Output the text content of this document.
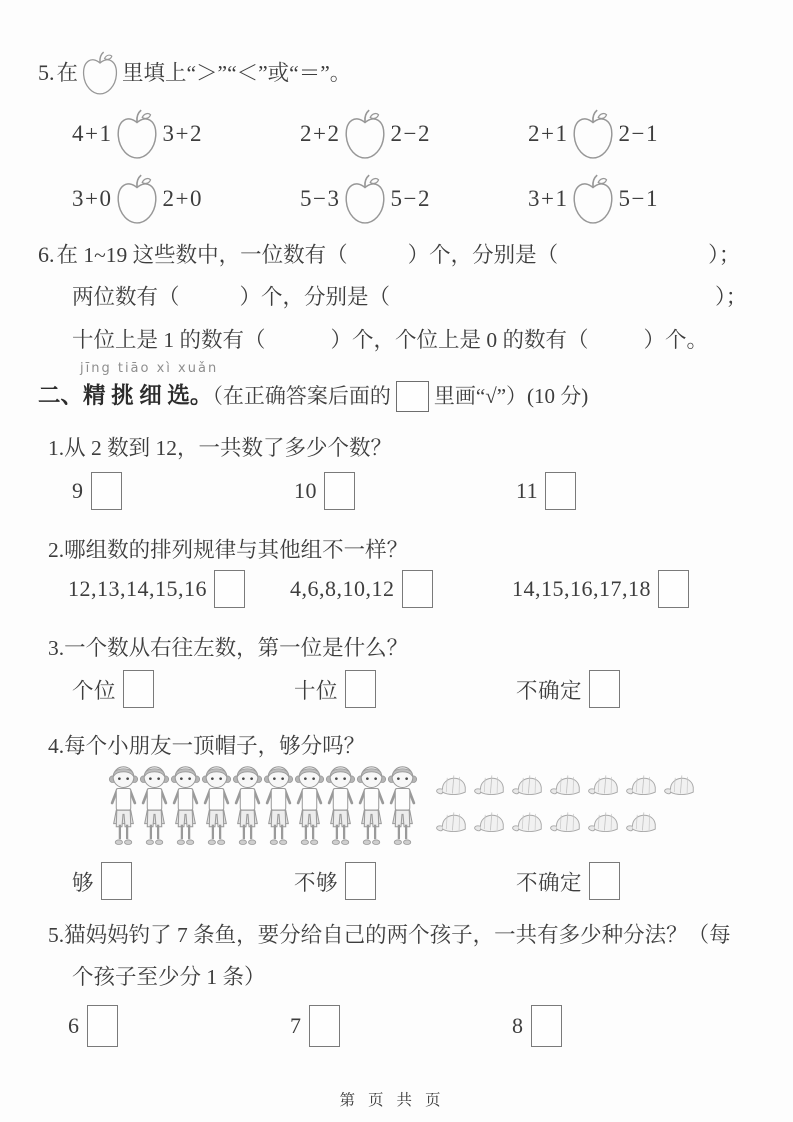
5.在 里填上“＞”“＜”或“＝”。
4+1 3+2	2+2 2−2	2+1 2−1
3+0 2+0	5−3 5−2	3+1 5−1
6.在 1~19 这些数中，一位数有（	）个，分别是（	）；
两位数有（	）个，分别是（	）；
十位上是 1 的数有（	）个，个位上是 0 的数有（	）个。
jīng tiāo xì xuǎn
二、精 挑 细 选。（在正确答案后面的 里画“√”）(10 分)
1.从 2 数到 12，一共数了多少个数？
9	10	11
2.哪组数的排列规律与其他组不一样？
12,13,14,15,16	4,6,8,10,12	14,15,16,17,18
3.一个数从右往左数，第一位是什么？
个位	十位	不确定
4.每个小朋友一顶帽子，够分吗？
够	不够	不确定
5.猫妈妈钓了 7 条鱼，要分给自己的两个孩子，一共有多少种分法？（每
个孩子至少分 1 条）
6	7	8
第页共页
